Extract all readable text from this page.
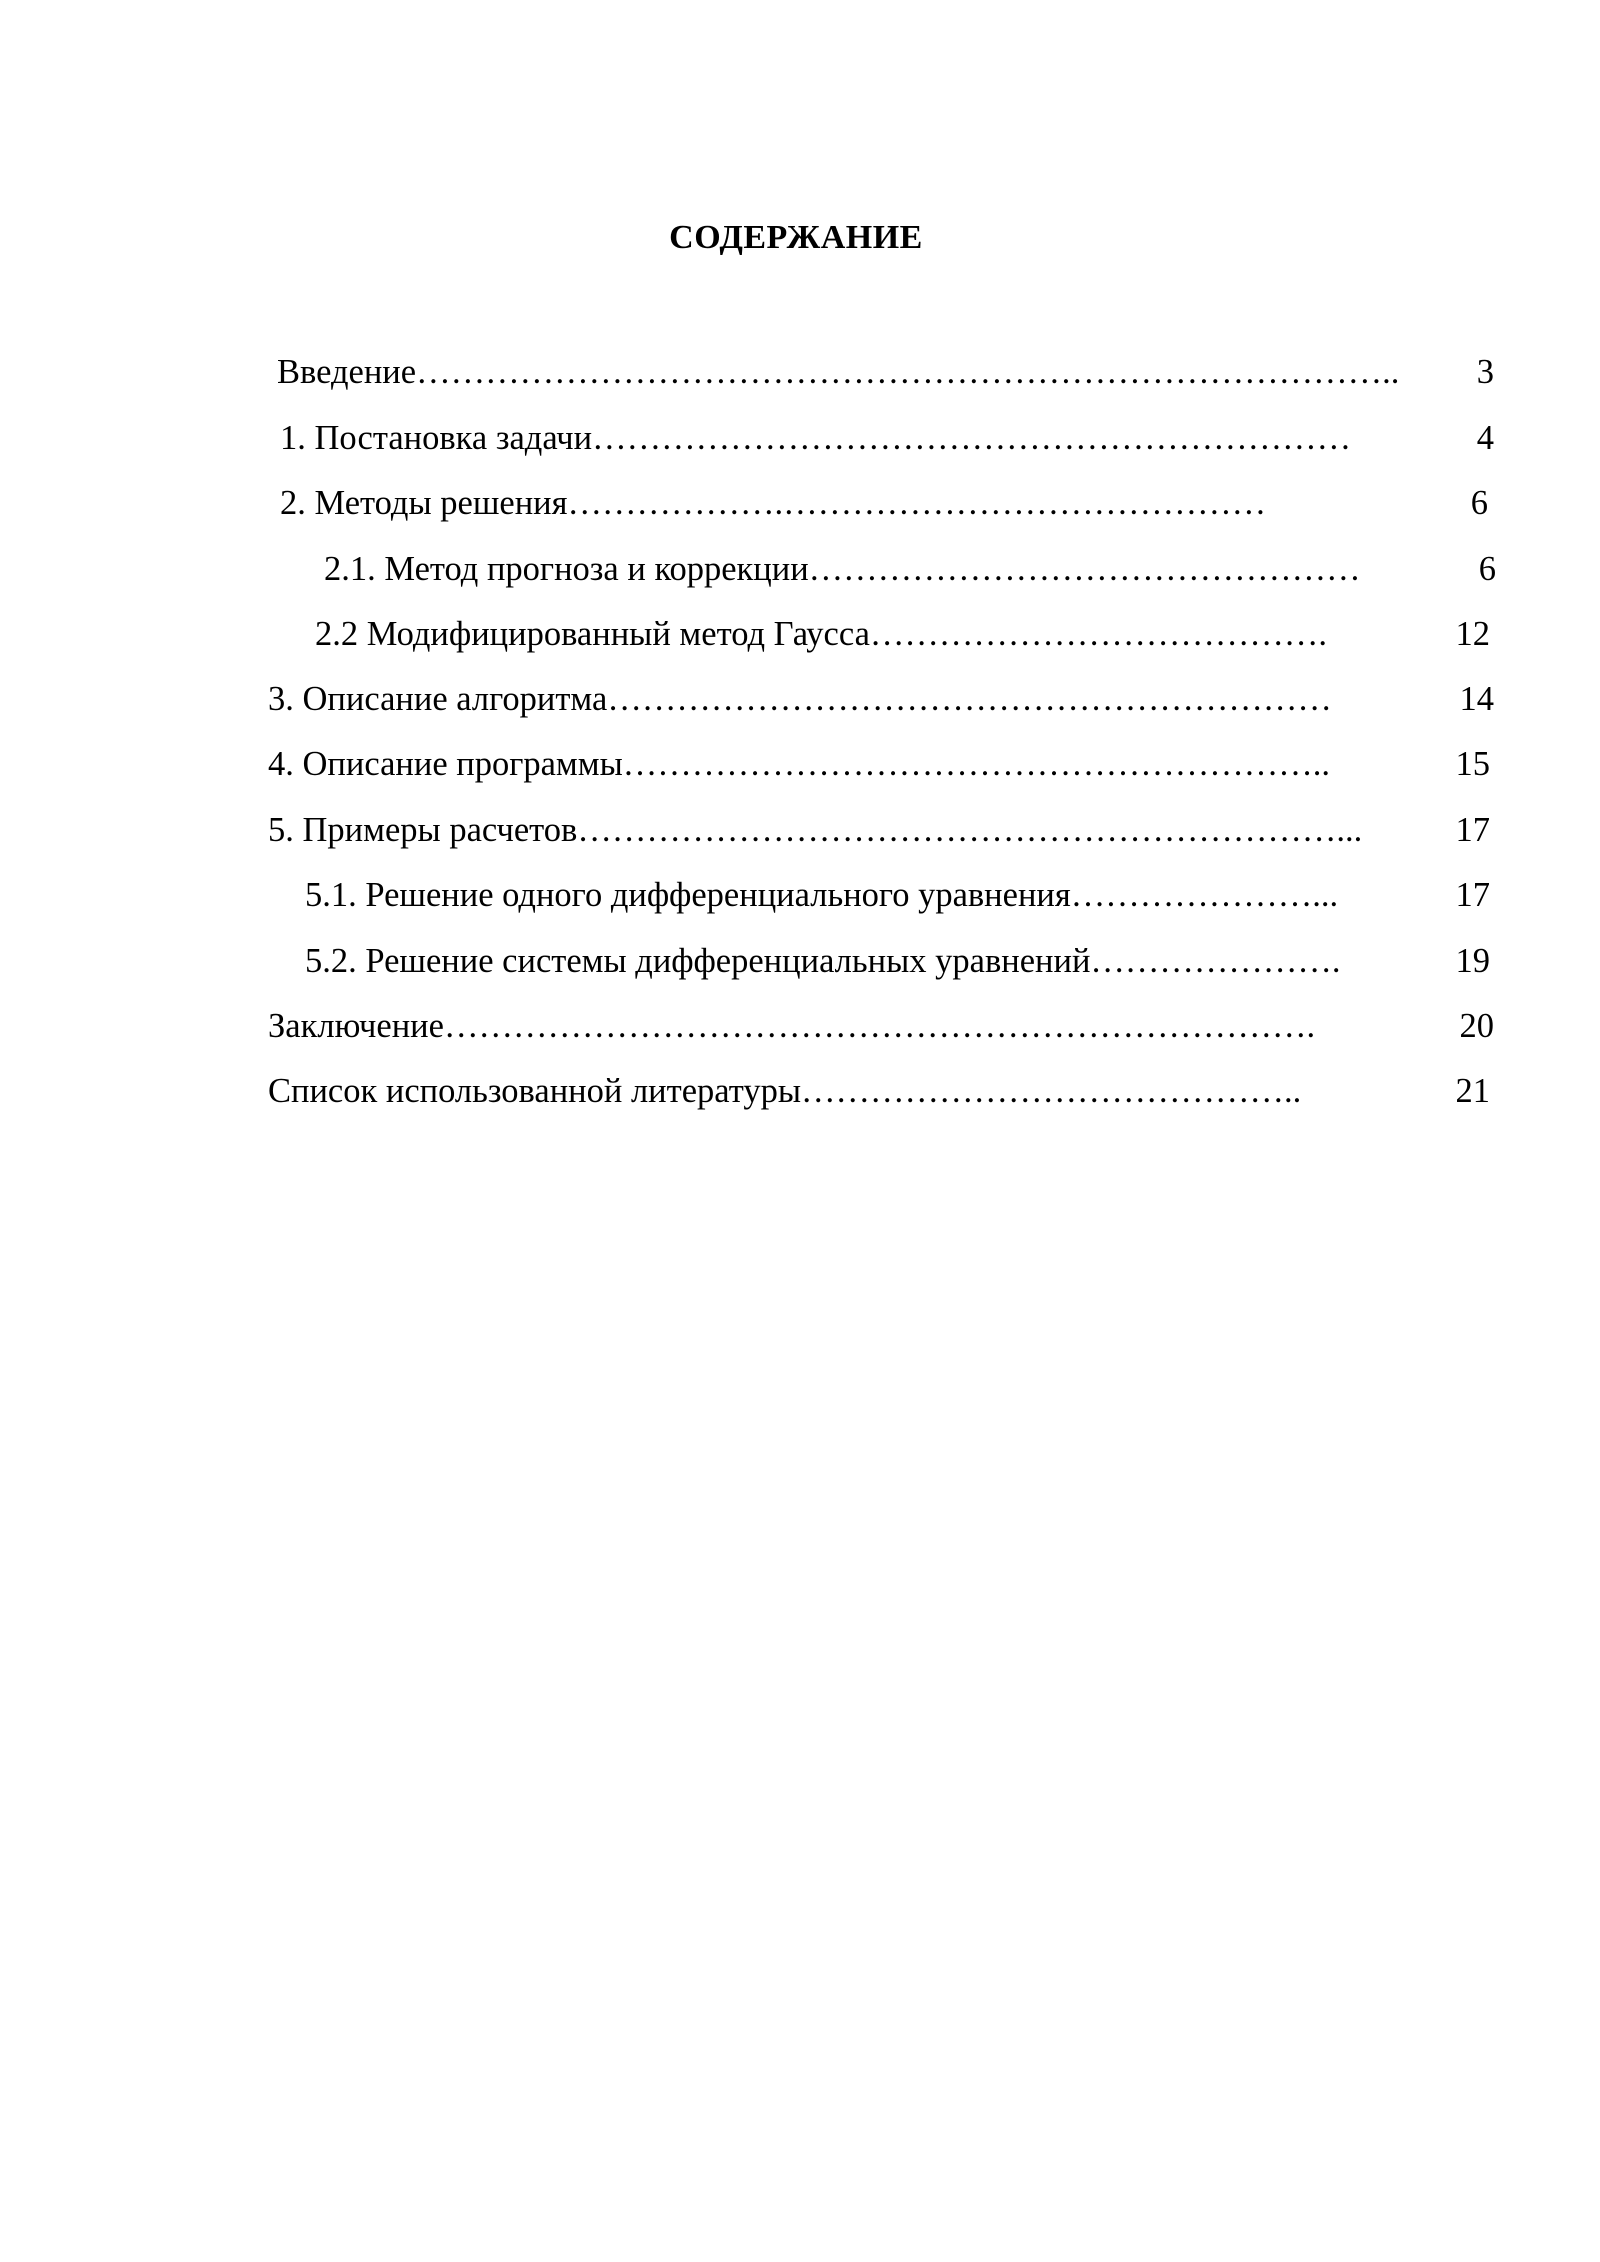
СОДЕРЖАНИЕ
Введение …………………………………………………………………………..	3
1. Постановка задачи …………………………………………………………	4
2. Методы решения ……………….……………………………………	6
2.1. Метод прогноза и коррекции …………………………………………	6
2.2 Модифицированный метод Гаусса ………………………………….	12
3. Описание алгоритма ………………………………………………………	14
4. Описание программы ……………………………………………………..	15
5. Примеры расчетов …………………………………………………………...	17
5.1. Решение одного дифференциального уравнения …………………...	17
5.2. Решение системы дифференциальных уравнений ………………….	19
Заключение ………………………………………………………………….	20
Список использованной литературы ……………………………………..	21
